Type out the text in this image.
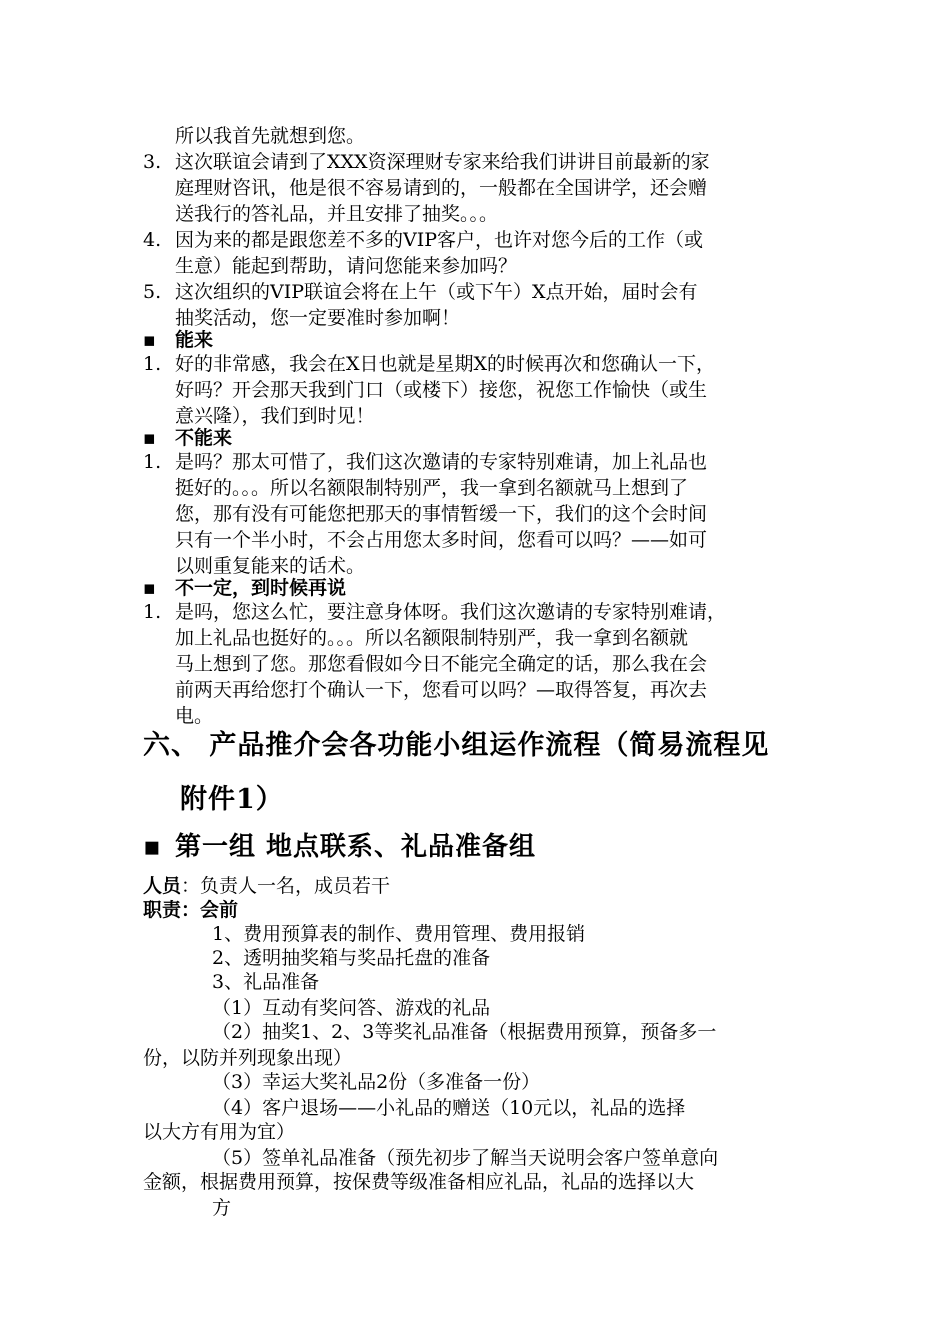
所以我首先就想到您。
3. 这次联谊会请到了XXX资深理财专家来给我们讲讲目前最新的家
庭理财咨讯，他是很不容易请到的，一般都在全国讲学，还会赠
送我行的答礼品，并且安排了抽奖。。。
4. 因为来的都是跟您差不多的VIP客户，也许对您今后的工作（或
生意）能起到帮助，请问您能来参加吗？
5. 这次组织的VIP联谊会将在上午（或下午）X点开始，届时会有
抽奖活动，您一定要准时参加啊！
▪ 能来
1. 好的非常感，我会在X日也就是星期X的时候再次和您确认一下，
好吗？开会那天我到门口（或楼下）接您，祝您工作愉快（或生
意兴隆），我们到时见！
▪ 不能来
1. 是吗？那太可惜了，我们这次邀请的专家特别难请，加上礼品也
挺好的。。。所以名额限制特别严，我一拿到名额就马上想到了
您，那有没有可能您把那天的事情暂缓一下，我们的这个会时间
只有一个半小时，不会占用您太多时间，您看可以吗？——如可
以则重复能来的话术。
▪ 不一定，到时候再说
1. 是吗，您这么忙，要注意身体呀。我们这次邀请的专家特别难请，
加上礼品也挺好的。。。所以名额限制特别严，我一拿到名额就
马上想到了您。那您看假如今日不能完全确定的话，那么我在会
前两天再给您打个确认一下，您看可以吗？—取得答复，再次去
电。
六、 产品推介会各功能小组运作流程（简易流程见
附件1）
▪ 第一组 地点联系、礼品准备组
人员：负责人一名，成员若干
职责：会前
1、费用预算表的制作、费用管理、费用报销
2、透明抽奖箱与奖品托盘的准备
3、礼品准备
（1）互动有奖问答、游戏的礼品
（2）抽奖1、2、3等奖礼品准备（根据费用预算，预备多一
份，以防并列现象出现）
（3）幸运大奖礼品2份（多准备一份）
（4）客户退场——小礼品的赠送（10元以，礼品的选择
以大方有用为宜）
（5）签单礼品准备（预先初步了解当天说明会客户签单意向
金额，根据费用预算，按保费等级准备相应礼品，礼品的选择以大
方
